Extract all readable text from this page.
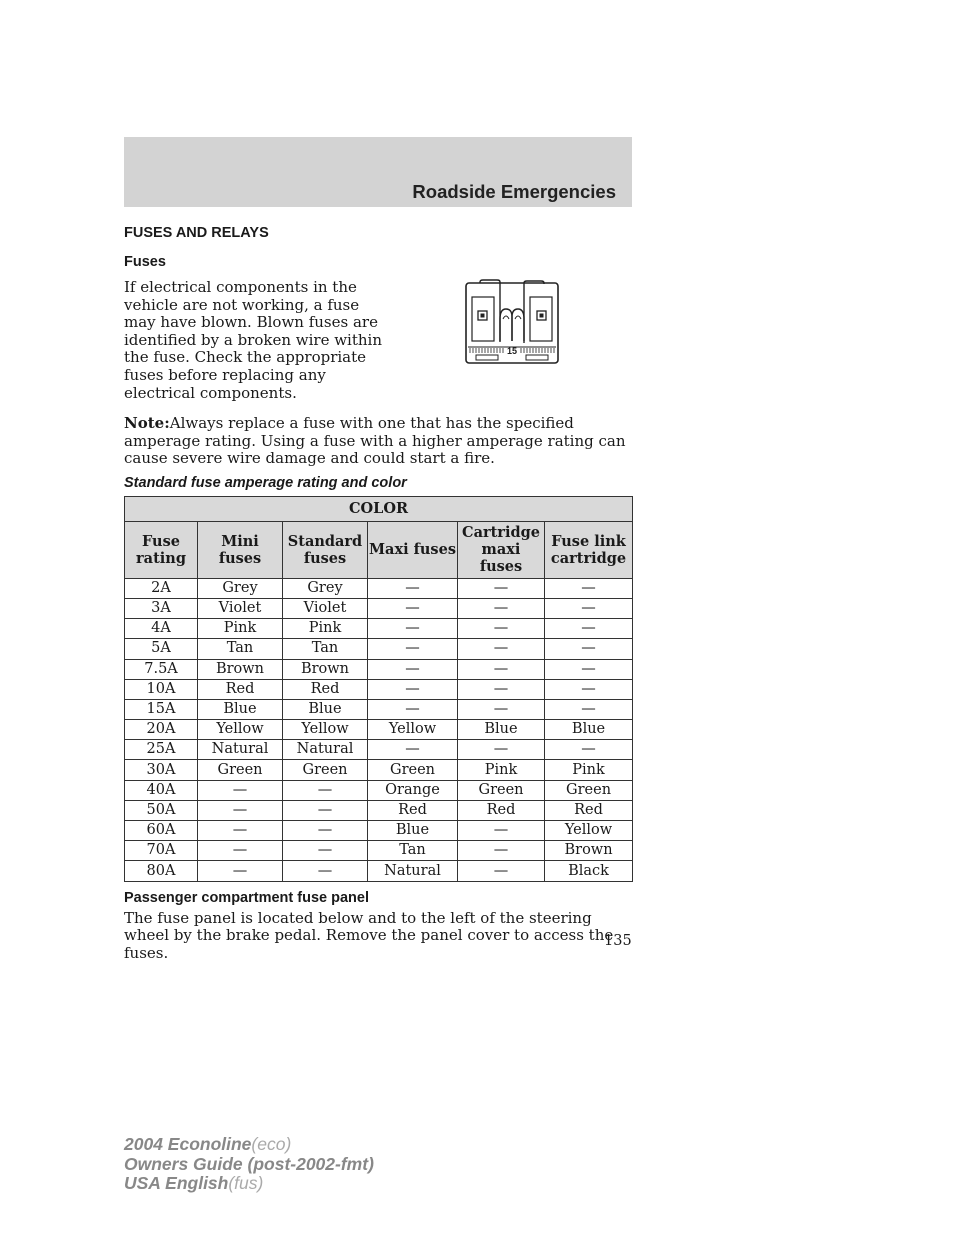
Roadside Emergencies
FUSES AND RELAYS
Fuses

If electrical components in the vehicle are not working, a fuse may have blown. Blown fuses are identified by a broken wire within the fuse. Check the appropriate fuses before replacing any electrical components.

15

Note:Always replace a fuse with one that has the specified amperage rating. Using a fuse with a higher amperage rating can cause severe wire damage and could start a fire.

Standard fuse amperage rating and color

COLOR					
Fuse rating	Mini fuses	Standard fuses	Maxi fuses	Cartridge maxi fuses	Fuse link cartridge
2A	Grey	Grey	—	—	—
3A	Violet	Violet	—	—	—
4A	Pink	Pink	—	—	—
5A	Tan	Tan	—	—	—
7.5A	Brown	Brown	—	—	—
10A	Red	Red	—	—	—
15A	Blue	Blue	—	—	—
20A	Yellow	Yellow	Yellow	Blue	Blue
25A	Natural	Natural	—	—	—
30A	Green	Green	Green	Pink	Pink
40A	—	—	Orange	Green	Green
50A	—	—	Red	Red	Red
60A	—	—	Blue	—	Yellow
70A	—	—	Tan	—	Brown
80A	—	—	Natural	—	Black
Passenger compartment fuse panel

The fuse panel is located below and to the left of the steering wheel by the brake pedal. Remove the panel cover to access the fuses.

135
2004 Econoline(eco)
Owners Guide (post-2002-fmt)
USA English(fus)
